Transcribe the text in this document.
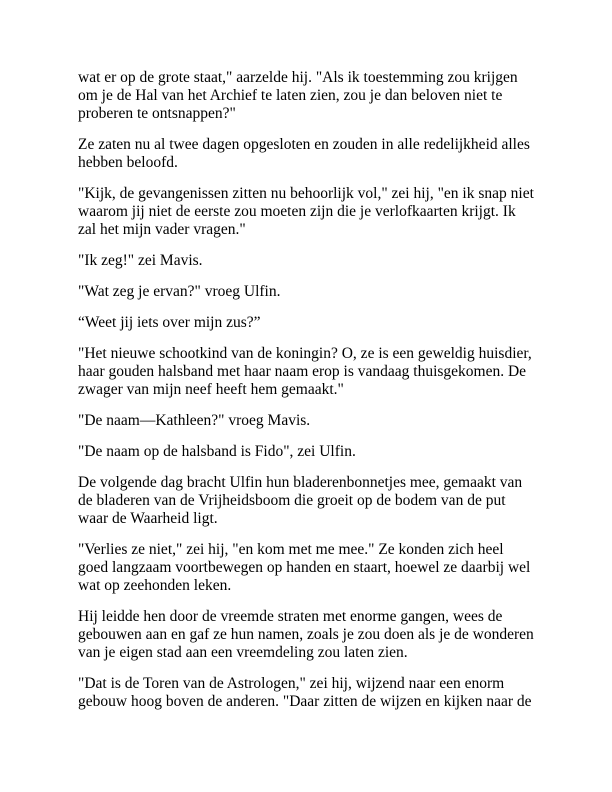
wat er op de grote staat," aarzelde hij. "Als ik toestemming zou krijgen om je de Hal van het Archief te laten zien, zou je dan beloven niet te proberen te ontsnappen?"

Ze zaten nu al twee dagen opgesloten en zouden in alle redelijkheid alles hebben beloofd.

"Kijk, de gevangenissen zitten nu behoorlijk vol," zei hij, "en ik snap niet waarom jij niet de eerste zou moeten zijn die je verlofkaarten krijgt. Ik zal het mijn vader vragen."

"Ik zeg!" zei Mavis.

"Wat zeg je ervan?" vroeg Ulfin.

“Weet jij iets over mijn zus?”

"Het nieuwe schootkind van de koningin? O, ze is een geweldig huisdier, haar gouden halsband met haar naam erop is vandaag thuisgekomen. De zwager van mijn neef heeft hem gemaakt."

"De naam—Kathleen?" vroeg Mavis.

"De naam op de halsband is Fido", zei Ulfin.

De volgende dag bracht Ulfin hun bladerenbonnetjes mee, gemaakt van de bladeren van de Vrijheidsboom die groeit op de bodem van de put waar de Waarheid ligt.

"Verlies ze niet," zei hij, "en kom met me mee." Ze konden zich heel goed langzaam voortbewegen op handen en staart, hoewel ze daarbij wel wat op zeehonden leken.

Hij leidde hen door de vreemde straten met enorme gangen, wees de gebouwen aan en gaf ze hun namen, zoals je zou doen als je de wonderen van je eigen stad aan een vreemdeling zou laten zien.

"Dat is de Toren van de Astrologen," zei hij, wijzend naar een enorm gebouw hoog boven de anderen. "Daar zitten de wijzen en kijken naar de
